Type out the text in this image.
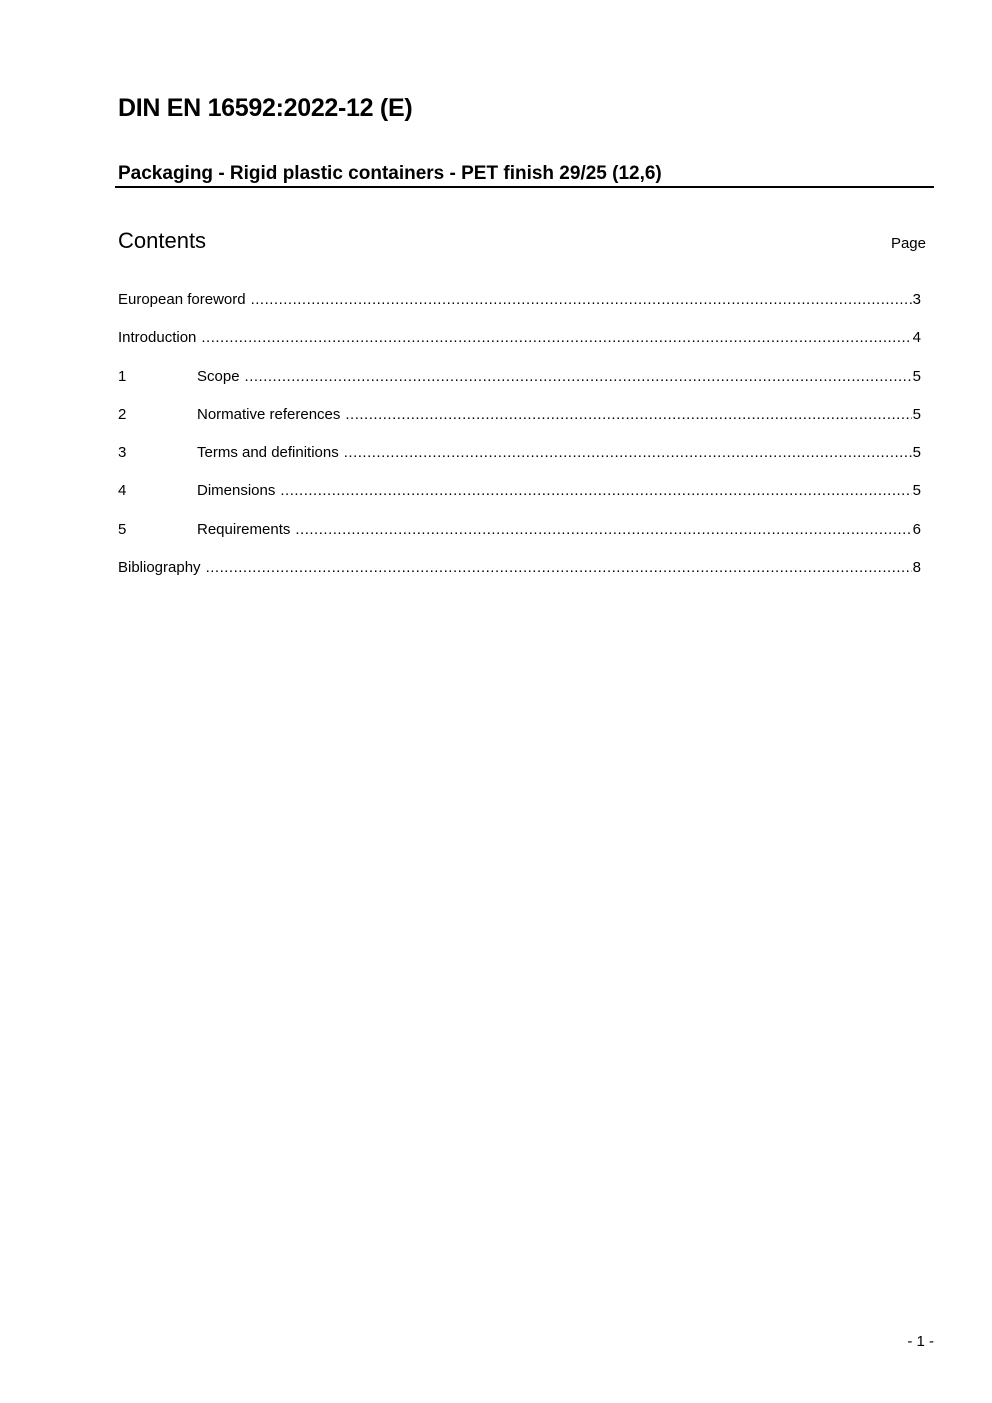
DIN EN 16592:2022-12 (E)
Packaging - Rigid plastic containers - PET finish 29/25 (12,6)
Contents	Page
European foreword .....	3
Introduction .....	4
1	Scope .....	5
2	Normative references .....	5
3	Terms and definitions .....	5
4	Dimensions .....	5
5	Requirements .....	6
Bibliography .....	8
- 1 -
